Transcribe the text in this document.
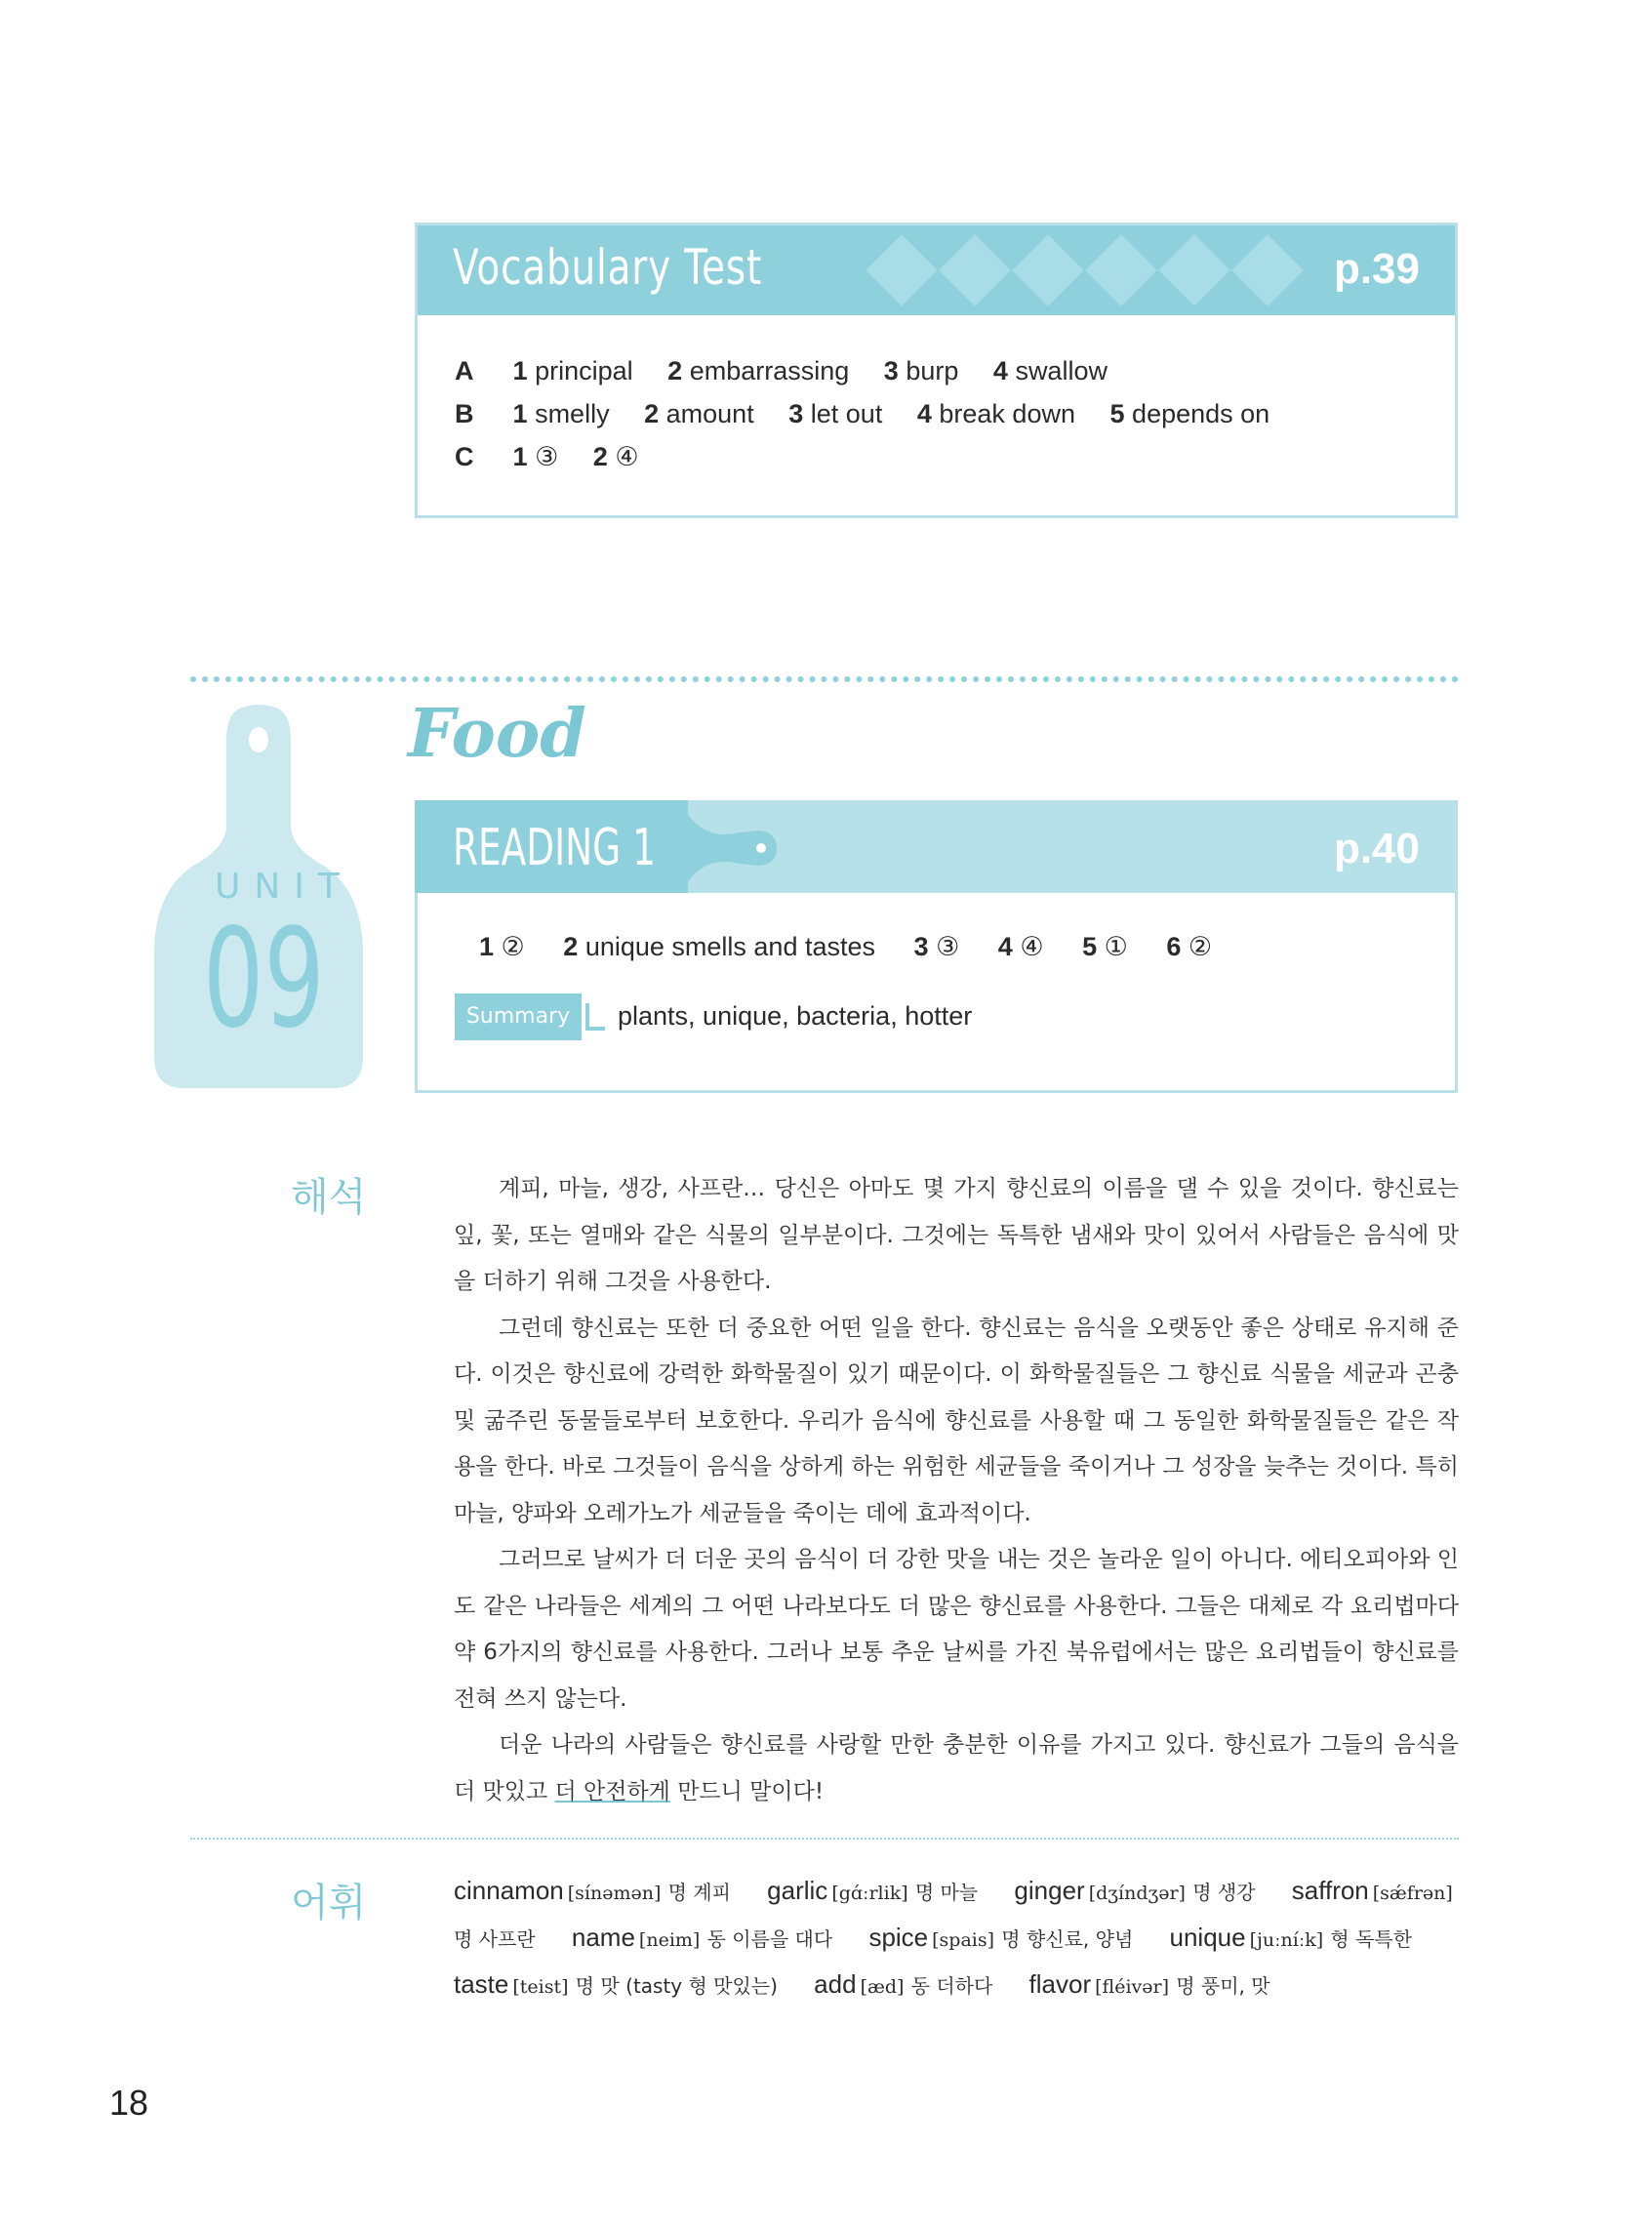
Vocabulary Test	p.39
A 1 principal 2 embarrassing 3 burp 4 swallow
B 1 smelly 2 amount 3 let out 4 break down 5 depends on
C 1 ③ 2 ④
UNIT
09
Food
READING 1	p.40
1 ② 2 unique smells and tastes 3 ③ 4 ④ 5 ① 6 ②
Summary	plants, unique, bacteria, hotter
해석	계피, 마늘, 생강, 사프란… 당신은 아마도 몇 가지 향신료의 이름을 댈 수 있을 것이다. 향신료는 잎, 꽃, 또는 열매와 같은 식물의 일부분이다. 그것에는 독특한 냄새와 맛이 있어서 사람들은 음식에 맛을 더하기 위해 그것을 사용한다.

그런데 향신료는 또한 더 중요한 어떤 일을 한다. 향신료는 음식을 오랫동안 좋은 상태로 유지해 준다. 이것은 향신료에 강력한 화학물질이 있기 때문이다. 이 화학물질들은 그 향신료 식물을 세균과 곤충 및 굶주린 동물들로부터 보호한다. 우리가 음식에 향신료를 사용할 때 그 동일한 화학물질들은 같은 작용을 한다. 바로 그것들이 음식을 상하게 하는 위험한 세균들을 죽이거나 그 성장을 늦추는 것이다. 특히 마늘, 양파와 오레가노가 세균들을 죽이는 데에 효과적이다.

그러므로 날씨가 더 더운 곳의 음식이 더 강한 맛을 내는 것은 놀라운 일이 아니다. 에티오피아와 인도 같은 나라들은 세계의 그 어떤 나라보다도 더 많은 향신료를 사용한다. 그들은 대체로 각 요리법마다 약 6가지의 향신료를 사용한다. 그러나 보통 추운 날씨를 가진 북유럽에서는 많은 요리법들이 향신료를 전혀 쓰지 않는다.

더운 나라의 사람들은 향신료를 사랑할 만한 충분한 이유를 가지고 있다. 향신료가 그들의 음식을 더 맛있고 더 안전하게 만드니 말이다!

어휘	cinnamon [sínəmən] 명 계피 garlic [gɑ́ːrlik] 명 마늘 ginger [dʒíndʒər] 명 생강 saffron [sǽfrən] 명 사프란 name [neim] 동 이름을 대다 spice [spais] 명 향신료, 양념 unique [juːníːk] 형 독특한 taste [teist] 명 맛 (tasty 형 맛있는) add [æd] 동 더하다 flavor [fléivər] 명 풍미, 맛
18
